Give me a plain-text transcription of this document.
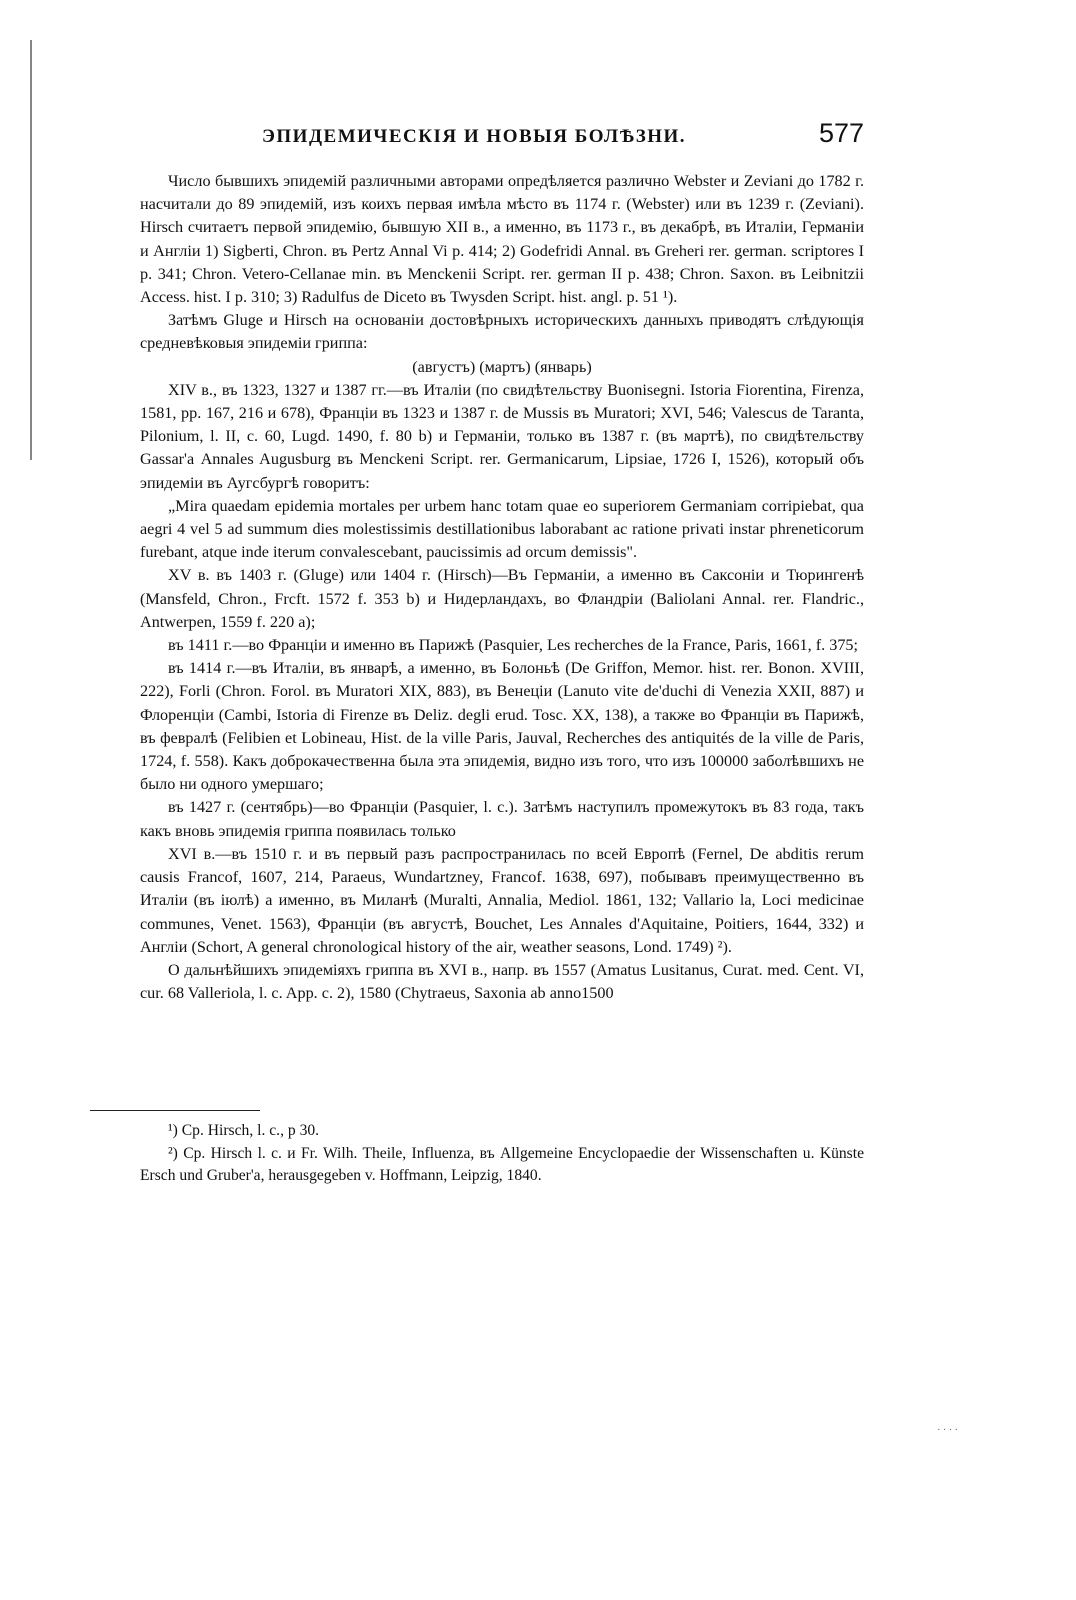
ЭПИДЕМИЧЕСКІЯ И НОВЫЯ БОЛѢЗНИ.	577

Число бывшихъ эпидемій различными авторами опредѣляется различно Webster и Zeviani до 1782 г. насчитали до 89 эпидемій, изъ коихъ первая имѣла мѣсто въ 1174 г. (Webster) или въ 1239 г. (Zeviani). Hirsch считаетъ первой эпидемію, бывшую XII в., а именно, въ 1173 г., въ декабрѣ, въ Италіи, Германіи и Англіи 1) Sigberti, Chron. въ Pertz Annal Vi p. 414; 2) Godefridi Annal. въ Greheri rer. german. scriptores I p. 341; Chron. Vetero-Cellanae min. въ Menckenii Script. rer. german II p. 438; Chron. Saxon. въ Leibnitzii Access. hist. I p. 310; 3) Radulfus de Diceto въ Twysden Script. hist. angl. p. 51 ¹).

Затѣмъ Gluge и Hirsch на основаніи достовѣрныхъ историческихъ данныхъ приводятъ слѣдующія средневѣковыя эпидеміи гриппа:

(августъ) (мартъ) (январь)

XIV в., въ 1323, 1327 и 1387 гг.—въ Италіи (по свидѣтельству Buonisegni. Istoria Fiorentina, Firenza, 1581, pp. 167, 216 и 678), Франціи въ 1323 и 1387 г. de Mussis въ Muratori; XVI, 546; Valescus de Taranta, Pilonium, l. II, c. 60, Lugd. 1490, f. 80 b) и Германіи, только въ 1387 г. (въ мартѣ), по свидѣтельству Gassar'а Annales Augusburg въ Menckeni Script. rer. Germanicarum, Lipsiae, 1726 I, 1526), который объ эпидеміи въ Аугсбургѣ говоритъ:

„Mira quaedam epidemia mortales per urbem hanc totam quae eo superiorem Germaniam corripiebat, qua aegri 4 vel 5 ad summum dies molestissimis destillationibus laborabant ac ratione privati instar phreneticorum furebant, atque inde iterum convalescebant, paucissimis ad orcum demissis".

XV в. въ 1403 г. (Gluge) или 1404 г. (Hirsch)—Въ Германіи, а именно въ Саксоніи и Тюрингенѣ (Mansfeld, Chron., Frcft. 1572 f. 353 b) и Нидерландахъ, во Фландріи (Baliolani Annal. rer. Flandric., Antwerpen, 1559 f. 220 a);

въ 1411 г.—во Франціи и именно въ Парижѣ (Pasquier, Les recherches de la France, Paris, 1661, f. 375;

въ 1414 г.—въ Италіи, въ январѣ, а именно, въ Болоньѣ (De Griffon, Memor. hist. rer. Bonon. XVIII, 222), Forli (Chron. Forol. въ Muratori XIX, 883), въ Венеціи (Lanuto vite de'duchi di Venezia XXII, 887) и Флоренціи (Cambi, Istoria di Firenze въ Deliz. degli erud. Tosc. XX, 138), а также во Франціи въ Парижѣ, въ февралѣ (Felibien et Lobineau, Hist. de la ville Paris, Jauval, Recherches des antiquités de la ville de Paris, 1724, f. 558). Какъ доброкачественна была эта эпидемія, видно изъ того, что изъ 100000 заболѣвшихъ не было ни одного умершаго;

въ 1427 г. (сентябрь)—во Франціи (Pasquier, l. c.). Затѣмъ наступилъ промежутокъ въ 83 года, такъ какъ вновь эпидемія гриппа появилась только

XVI в.—въ 1510 г. и въ первый разъ распространилась по всей Европѣ (Fernel, De abditis rerum causis Francof, 1607, 214, Paraeus, Wundartzney, Francof. 1638, 697), побывавъ преимущественно въ Италіи (въ іюлѣ) а именно, въ Миланѣ (Muralti, Annalia, Mediol. 1861, 132; Vallario la, Loci medicinae communes, Venet. 1563), Франціи (въ августѣ, Bouchet, Les Annales d'Aquitaine, Poitiers, 1644, 332) и Англіи (Schort, A general chronological history of the air, weather seasons, Lond. 1749) ²).

О дальнѣйшихъ эпидеміяхъ гриппа въ XVI в., напр. въ 1557 (Amatus Lusitanus, Curat. med. Cent. VI, cur. 68 Valleriola, l. c. App. c. 2), 1580 (Chytraeus, Saxonia ab anno1500

¹) Cp. Hirsch, l. c., p 30.

²) Cp. Hirsch l. c. и Fr. Wilh. Theile, Influenza, въ Allgemeine Encyclopaedie der Wissenschaften u. Künste Ersch und Gruber'a, herausgegeben v. Hoffmann, Leipzig, 1840.

· · · ·
